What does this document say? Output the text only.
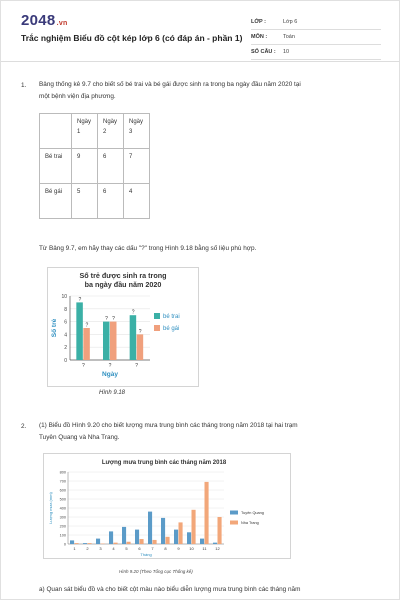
2048.vn
Trắc nghiệm Biểu đồ cột kép lớp 6 (có đáp án - phần 1)
LỚP :	Lớp 6
MÔN :	Toán
SỐ CÂU :	10
1. Bảng thống kê 9.7 cho biết số bé trai và bé gái được sinh ra trong ba ngày đầu năm 2020 tại
một bệnh viện địa phương.
	Ngày 1	Ngày 2	Ngày 3
Bé trai	9	6	7
Bé gái	5	6	4
Từ Bảng 9.7, em hãy thay các dấu "?" trong Hình 9.18 bằng số liệu phù hợp.
Số trẻ được sinh ra trong
ba ngày đầu năm 2020
0
2
4
6
8
10
Số trẻ
?
?
?
? ?
?
?
?
?
Ngày
bé trai
bé gái
Hình 9.18
2. (1) Biểu đồ Hình 9.20 cho biết lượng mưa trung bình các tháng trong năm 2018 tại hai trạm
Tuyên Quang và Nha Trang.
Lượng mưa trung bình các tháng năm 2018
0
100
200
300
400
500
600
700
800
Lượng mưa (mm)
1	2	3	4	5	6	7	8	9 10 11 12
Tháng
Tuyên Quang
Nha Trang
Hình 9.20 (Theo Tổng cục Thống kê)
a) Quan sát biểu đồ và cho biết cột màu nào biểu diễn lượng mưa trung bình các tháng năm
